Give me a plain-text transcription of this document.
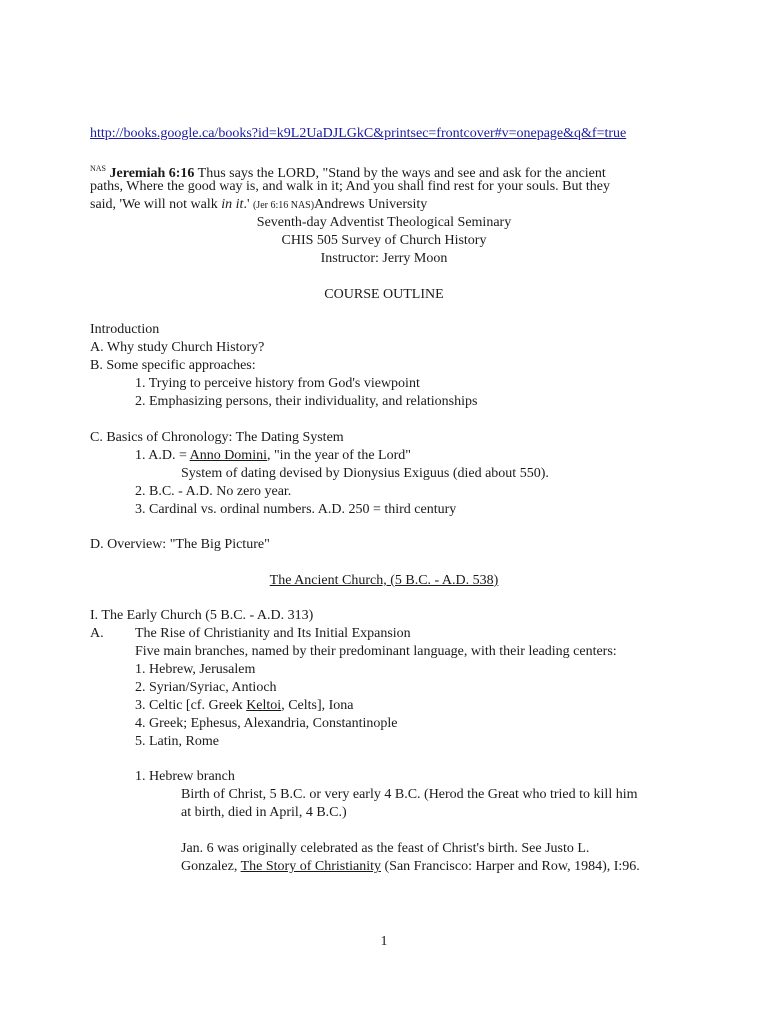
http://books.google.ca/books?id=k9L2UaDJLGkC&printsec=frontcover#v=onepage&q&f=true
$^{NAS}$ Jeremiah 6:16 Thus says the LORD, "Stand by the ways and see and ask for the ancient
paths, Where the good way is, and walk in it; And you shall find rest for your souls. But they
said, 'We will not walk in it.' (Jer 6:16 NAS)Andrews University
Seventh-day Adventist Theological Seminary
CHIS 505 Survey of Church History
Instructor: Jerry Moon
COURSE OUTLINE
Introduction
A. Why study Church History?
B. Some specific approaches:
1. Trying to perceive history from God's viewpoint
2. Emphasizing persons, their individuality, and relationships
C. Basics of Chronology: The Dating System
1. A.D. = Anno Domini, "in the year of the Lord"
System of dating devised by Dionysius Exiguus (died about 550).
2. B.C. - A.D. No zero year.
3. Cardinal vs. ordinal numbers. A.D. 250 = third century
D. Overview: "The Big Picture"
The Ancient Church, (5 B.C. - A.D. 538)
I. The Early Church (5 B.C. - A.D. 313)
A. The Rise of Christianity and Its Initial Expansion
Five main branches, named by their predominant language, with their leading centers:
1. Hebrew, Jerusalem
2. Syrian/Syriac, Antioch
3. Celtic [cf. Greek Keltoi, Celts], Iona
4. Greek; Ephesus, Alexandria, Constantinople
5. Latin, Rome
1. Hebrew branch
Birth of Christ, 5 B.C. or very early 4 B.C. (Herod the Great who tried to kill him
at birth, died in April, 4 B.C.)
Jan. 6 was originally celebrated as the feast of Christ's birth. See Justo L.
Gonzalez, The Story of Christianity (San Francisco: Harper and Row, 1984), I:96.
1
